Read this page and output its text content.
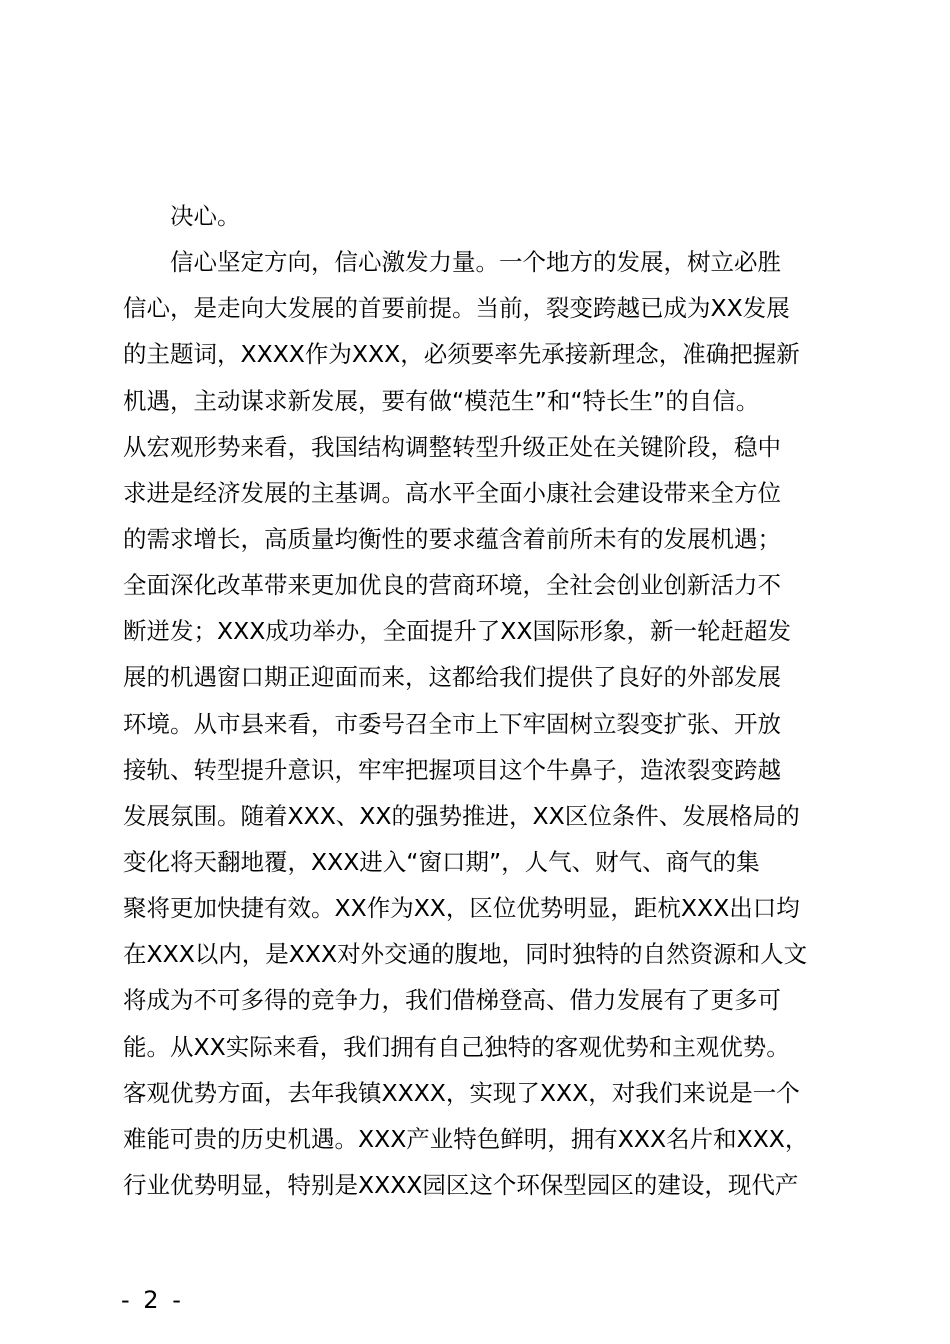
决心。
信心坚定方向，信心激发力量。一个地方的发展，树立必胜
信心，是走向大发展的首要前提。当前，裂变跨越已成为XX发展
的主题词，XXXX作为XXX，必须要率先承接新理念，准确把握新
机遇，主动谋求新发展，要有做“模范生”和“特长生”的自信。
从宏观形势来看，我国结构调整转型升级正处在关键阶段，稳中
求进是经济发展的主基调。高水平全面小康社会建设带来全方位
的需求增长，高质量均衡性的要求蕴含着前所未有的发展机遇；
全面深化改革带来更加优良的营商环境，全社会创业创新活力不
断迸发；XXX成功举办，全面提升了XX国际形象，新一轮赶超发
展的机遇窗口期正迎面而来，这都给我们提供了良好的外部发展
环境。从市县来看，市委号召全市上下牢固树立裂变扩张、开放
接轨、转型提升意识，牢牢把握项目这个牛鼻子，造浓裂变跨越
发展氛围。随着XXX、XX的强势推进，XX区位条件、发展格局的
变化将天翻地覆，XXX进入“窗口期”，人气、财气、商气的集
聚将更加快捷有效。XX作为XX，区位优势明显，距杭XXX出口均
在XXX以内，是XXX对外交通的腹地，同时独特的自然资源和人文
将成为不可多得的竞争力，我们借梯登高、借力发展有了更多可
能。从XX实际来看，我们拥有自己独特的客观优势和主观优势。
客观优势方面，去年我镇XXXX，实现了XXX，对我们来说是一个
难能可贵的历史机遇。XXX产业特色鲜明，拥有XXX名片和XXX，
行业优势明显，特别是XXXX园区这个环保型园区的建设，现代产
- 2 -
